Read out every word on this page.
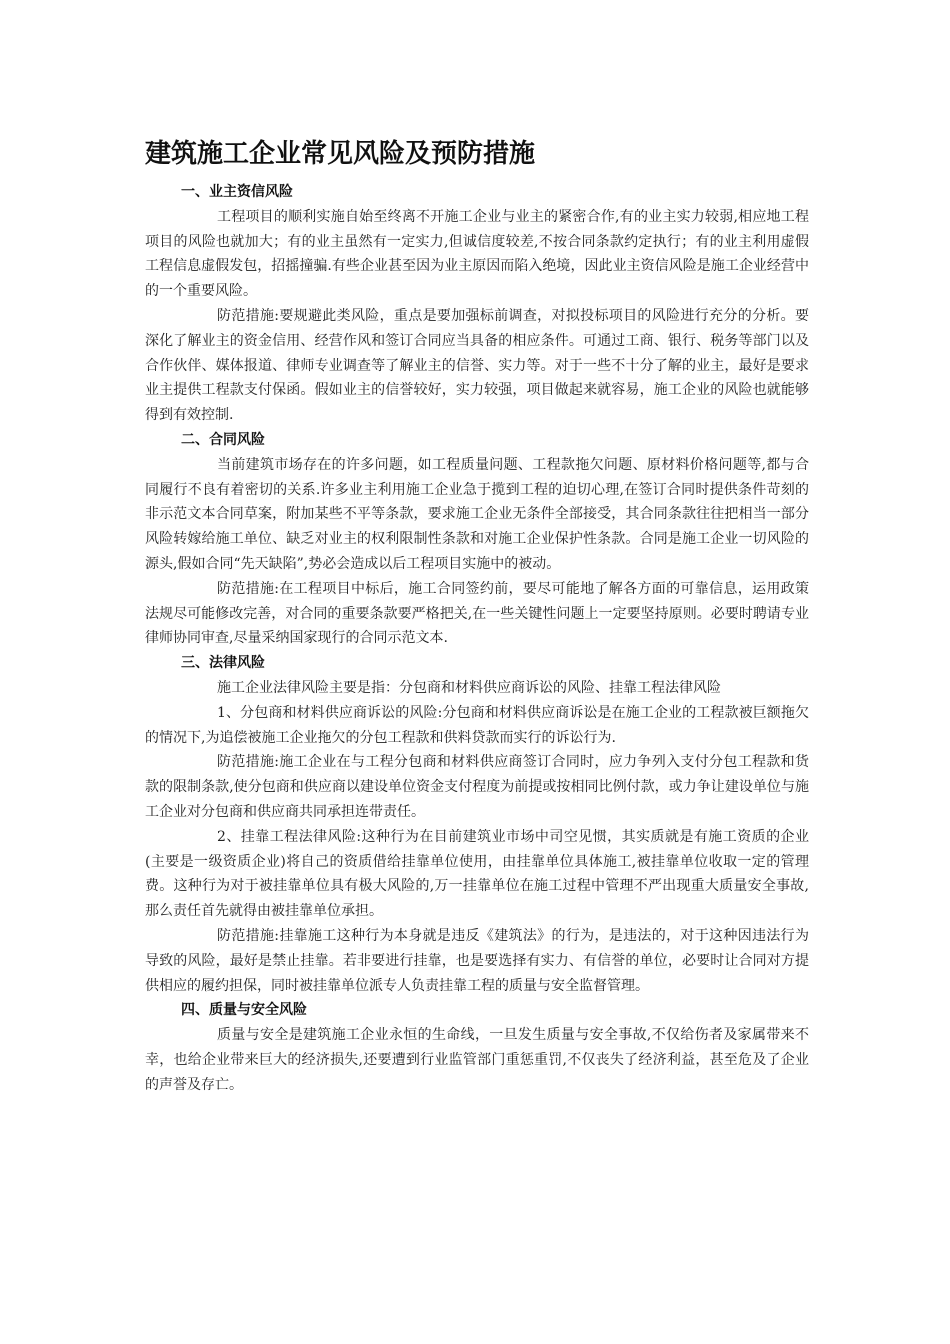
建筑施工企业常见风险及预防措施

一、业主资信风险

工程项目的顺利实施自始至终离不开施工企业与业主的紧密合作,有的业主实力较弱,相应地工程项目的风险也就加大；有的业主虽然有一定实力,但诚信度较差,不按合同条款约定执行；有的业主利用虚假工程信息虚假发包，招摇撞骗.有些企业甚至因为业主原因而陷入绝境，因此业主资信风险是施工企业经营中的一个重要风险。

防范措施:要规避此类风险，重点是要加强标前调查，对拟投标项目的风险进行充分的分析。要深化了解业主的资金信用、经营作风和签订合同应当具备的相应条件。可通过工商、银行、税务等部门以及合作伙伴、媒体报道、律师专业调查等了解业主的信誉、实力等。对于一些不十分了解的业主，最好是要求业主提供工程款支付保函。假如业主的信誉较好，实力较强，项目做起来就容易，施工企业的风险也就能够得到有效控制.

二、合同风险

当前建筑市场存在的许多问题，如工程质量问题、工程款拖欠问题、原材料价格问题等,都与合同履行不良有着密切的关系.许多业主利用施工企业急于揽到工程的迫切心理,在签订合同时提供条件苛刻的非示范文本合同草案，附加某些不平等条款，要求施工企业无条件全部接受，其合同条款往往把相当一部分风险转嫁给施工单位、缺乏对业主的权利限制性条款和对施工企业保护性条款。合同是施工企业一切风险的源头,假如合同“先天缺陷”,势必会造成以后工程项目实施中的被动。

防范措施:在工程项目中标后，施工合同签约前，要尽可能地了解各方面的可靠信息，运用政策法规尽可能修改完善，对合同的重要条款要严格把关,在一些关键性问题上一定要坚持原则。必要时聘请专业律师协同审查,尽量采纳国家现行的合同示范文本.

三、法律风险

施工企业法律风险主要是指：分包商和材料供应商诉讼的风险、挂靠工程法律风险

1、分包商和材料供应商诉讼的风险:分包商和材料供应商诉讼是在施工企业的工程款被巨额拖欠的情况下,为追偿被施工企业拖欠的分包工程款和供料贷款而实行的诉讼行为.

防范措施:施工企业在与工程分包商和材料供应商签订合同时，应力争列入支付分包工程款和货款的限制条款,使分包商和供应商以建设单位资金支付程度为前提或按相同比例付款，或力争让建设单位与施工企业对分包商和供应商共同承担连带责任。

2、挂靠工程法律风险:这种行为在目前建筑业市场中司空见惯，其实质就是有施工资质的企业(主要是一级资质企业)将自己的资质借给挂靠单位使用，由挂靠单位具体施工,被挂靠单位收取一定的管理费。这种行为对于被挂靠单位具有极大风险的,万一挂靠单位在施工过程中管理不严出现重大质量安全事故,那么责任首先就得由被挂靠单位承担。

防范措施:挂靠施工这种行为本身就是违反《建筑法》的行为，是违法的，对于这种因违法行为导致的风险，最好是禁止挂靠。若非要进行挂靠，也是要选择有实力、有信誉的单位，必要时让合同对方提供相应的履约担保，同时被挂靠单位派专人负责挂靠工程的质量与安全监督管理。

四、质量与安全风险

质量与安全是建筑施工企业永恒的生命线，一旦发生质量与安全事故,不仅给伤者及家属带来不幸，也给企业带来巨大的经济损失,还要遭到行业监管部门重惩重罚,不仅丧失了经济利益，甚至危及了企业的声誉及存亡。
